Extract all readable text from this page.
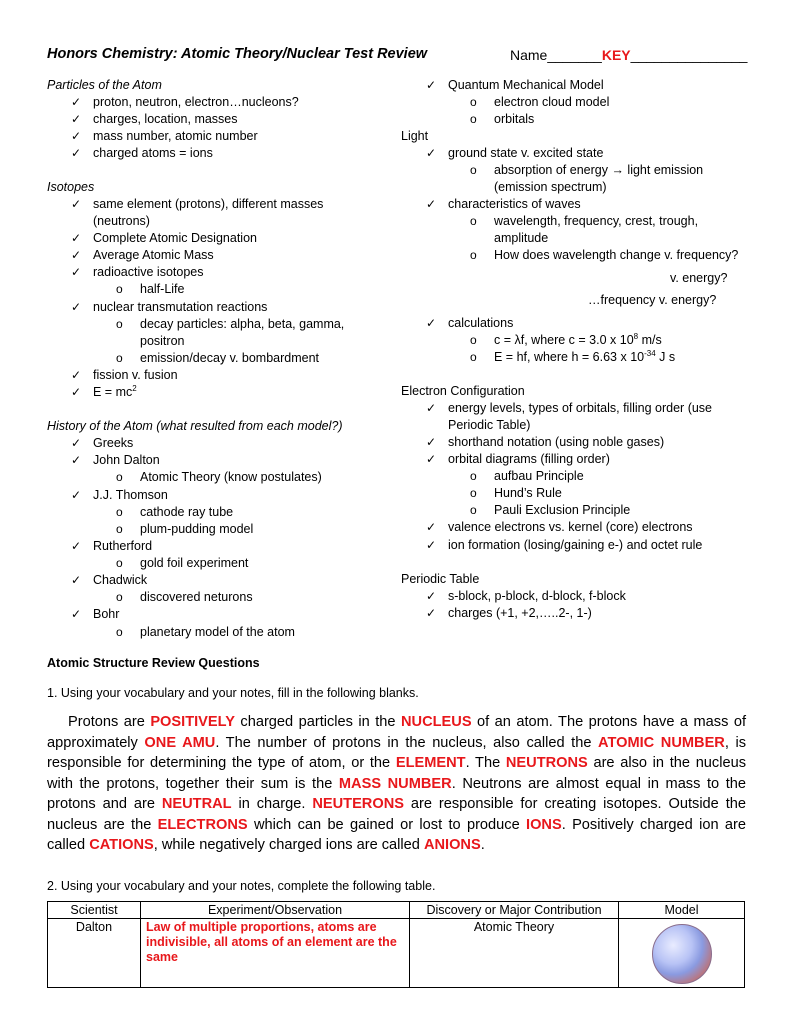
Honors Chemistry: Atomic Theory/Nuclear Test Review	Name_______KEY_______________
Particles of the Atom
✓ proton, neutron, electron…nucleons?
✓ charges, location, masses
✓ mass number, atomic number
✓ charged atoms = ions
Isotopes
✓ same element (protons), different masses
(neutrons)
✓ Complete Atomic Designation
✓ Average Atomic Mass
✓ radioactive isotopes
o half-Life
✓ nuclear transmutation reactions
o decay particles: alpha, beta, gamma,
positron
o emission/decay v. bombardment
✓ fission v. fusion
✓ $E = mc^2$
History of the Atom (what resulted from each model?)
✓ Greeks
✓ John Dalton
o Atomic Theory (know postulates)
✓ J.J. Thomson
o cathode ray tube
o plum-pudding model
✓ Rutherford
o gold foil experiment
✓ Chadwick
o discovered neturons
✓ Bohr
o planetary model of the atom
✓ Quantum Mechanical Model
o electron cloud model
o orbitals
Light
✓ ground state v. excited state
o absorption of energy → light emission
(emission spectrum)
✓ characteristics of waves
o wavelength, frequency, crest, trough,
amplitude
o How does wavelength change v. frequency?
v. energy?
…frequency v. energy?
✓ calculations
o c = λf, where c = 3.0 x $10^8$ m/s
o E = hf, where h = 6.63 x $10^{-34}$ J s
Electron Configuration
✓ energy levels, types of orbitals, filling order (use
Periodic Table)
✓ shorthand notation (using noble gases)
✓ orbital diagrams (filling order)
o aufbau Principle
o Hund’s Rule
o Pauli Exclusion Principle
✓ valence electrons vs. kernel (core) electrons
✓ ion formation (losing/gaining e-) and octet rule
Periodic Table
✓ s-block, p-block, d-block, f-block
✓ charges (+1, +2,…..2-, 1-)
Atomic Structure Review Questions
1. Using your vocabulary and your notes, fill in the following blanks.
Protons are POSITIVELY charged particles in the NUCLEUS of an atom. The protons have a mass of approximately ONE AMU. The number of protons in the nucleus, also called the ATOMIC NUMBER, is responsible for determining the type of atom, or the ELEMENT. The NEUTRONS are also in the nucleus with the protons, together their sum is the MASS NUMBER. Neutrons are almost equal in mass to the protons and are NEUTRAL in charge. NEUTERONS are responsible for creating isotopes. Outside the nucleus are the ELECTRONS which can be gained or lost to produce IONS. Positively charged ion are called CATIONS, while negatively charged ions are called ANIONS.
2. Using your vocabulary and your notes, complete the following table.
Scientist	Experiment/Observation	Discovery or Major Contribution	Model
Dalton	Law of multiple proportions, atoms are indivisible, all atoms of an element are the same	Atomic Theory	
